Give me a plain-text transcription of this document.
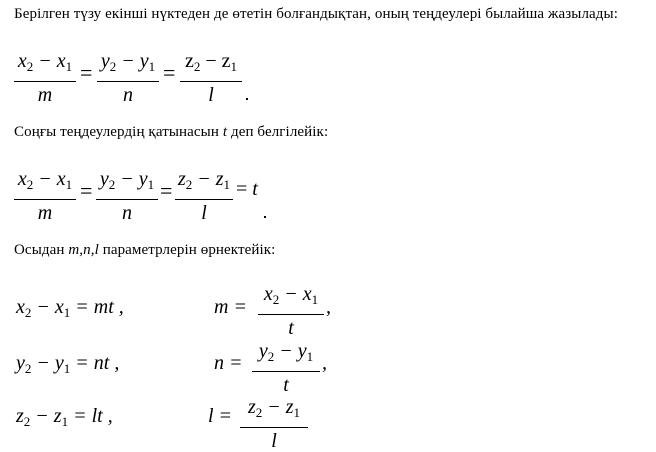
Берілген түзу екінші нүктеден де өтетін болғандықтан, оның теңдеулері былайша жазылады:
$x_2 - x_1$
m
= $y_2 - y_1$
n
= $z_2 - z_1$
l
Соңғы теңдеулердің қатынасын t деп белгілейік:
$x_2 - x_1$
m
= $y_2 - y_1$
n
= $z_2 - z_1$
l
= t
Осыдан m,n,l параметрлерін өрнектейік:
$x_2 - x_1$ = mt ,	m =
$x_2 - x_1$
t
,
$y_2 - y_1$ = nt ,	n =
$y_2 - y_1$
t
,
$z_2 - z_1$ = lt ,	$l = z_2 - z_1$
l
